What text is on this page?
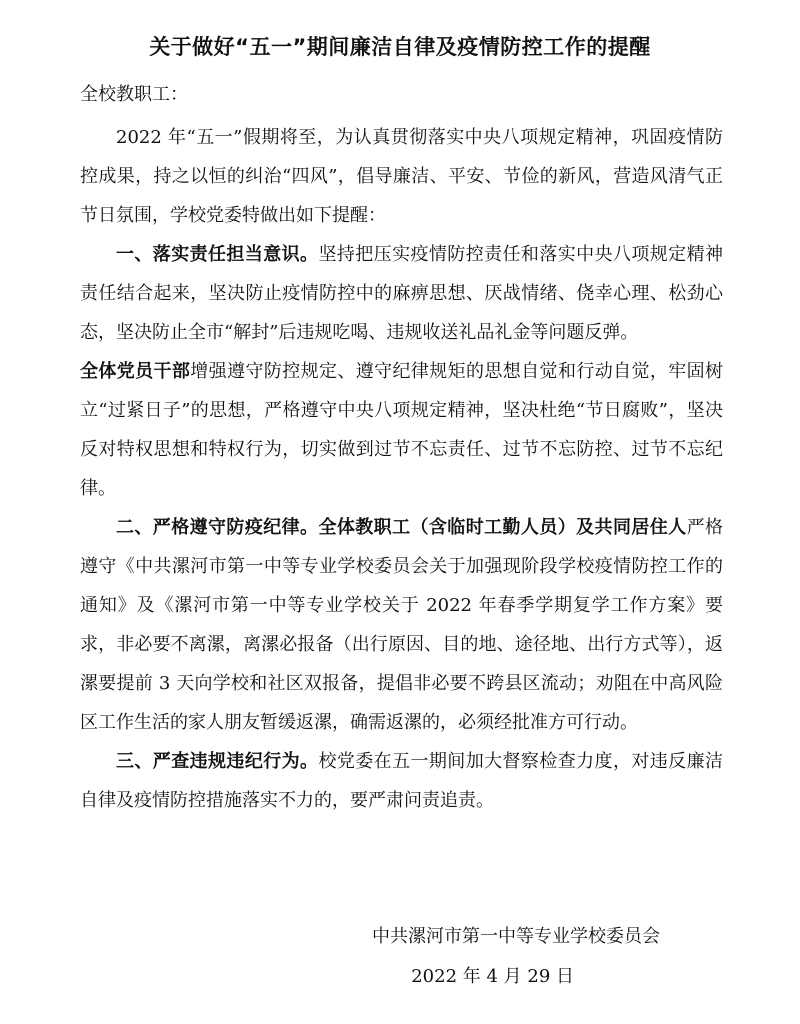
关于做好“五一”期间廉洁自律及疫情防控工作的提醒
全校教职工：

2022 年“五一”假期将至，为认真贯彻落实中央八项规定精神，巩固疫情防控成果，持之以恒的纠治“四风”，倡导廉洁、平安、节俭的新风，营造风清气正节日氛围，学校党委特做出如下提醒：

一、落实责任担当意识。坚持把压实疫情防控责任和落实中央八项规定精神责任结合起来，坚决防止疫情防控中的麻痹思想、厌战情绪、侥幸心理、松劲心态，坚决防止全市“解封”后违规吃喝、违规收送礼品礼金等问题反弹。

全体党员干部增强遵守防控规定、遵守纪律规矩的思想自觉和行动自觉，牢固树立“过紧日子”的思想，严格遵守中央八项规定精神，坚决杜绝“节日腐败”，坚决反对特权思想和特权行为，切实做到过节不忘责任、过节不忘防控、过节不忘纪律。

二、严格遵守防疫纪律。全体教职工（含临时工勤人员）及共同居住人严格遵守《中共漯河市第一中等专业学校委员会关于加强现阶段学校疫情防控工作的通知》及《漯河市第一中等专业学校关于 2022 年春季学期复学工作方案》要求，非必要不离漯，离漯必报备（出行原因、目的地、途径地、出行方式等），返漯要提前 3 天向学校和社区双报备，提倡非必要不跨县区流动；劝阻在中高风险区工作生活的家人朋友暂缓返漯，确需返漯的，必须经批准方可行动。

三、严查违规违纪行为。校党委在五一期间加大督察检查力度，对违反廉洁自律及疫情防控措施落实不力的，要严肃问责追责。

中共漯河市第一中等专业学校委员会
2022 年 4 月 29 日
